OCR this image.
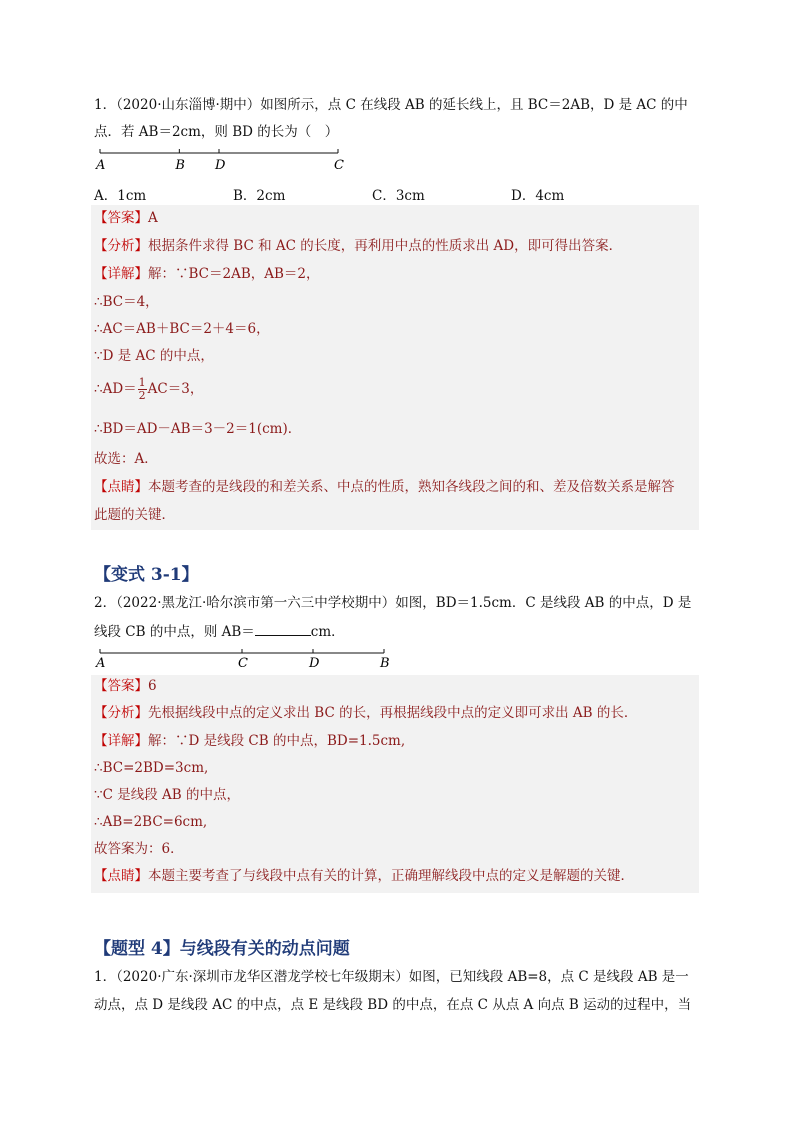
1．（2020·山东淄博·期中）如图所示，点 C 在线段 AB 的延长线上，且 BC＝2AB，D 是 AC 的中
点．若 AB＝2cm，则 BD 的长为（　）
A	B D	C
A．1cm	B．2cm	C．3cm	D．4cm
【答案】A
【分析】根据条件求得 BC 和 AC 的长度，再利用中点的性质求出 AD，即可得出答案．
【详解】解：∵BC＝2AB，AB＝2，
∴BC＝4，
∴AC＝AB＋BC＝2＋4＝6，
∵D 是 AC 的中点，
∴AD＝ $\frac{1}{2} AC=3$，
∴BD＝AD－AB＝3－2＝1(cm)．
故选：A．
【点睛】本题考查的是线段的和差关系、中点的性质，熟知各线段之间的和、差及倍数关系是解答
此题的关键．
【变式 3-1】
2．（2022·黑龙江·哈尔滨市第一六三中学校期中）如图，BD＝1.5cm．C 是线段 AB 的中点，D 是
线段 CB 的中点，则 AB＝	cm．
A	C	D	B
【答案】6
【分析】先根据线段中点的定义求出 BC 的长，再根据线段中点的定义即可求出 AB 的长．
【详解】解：∵D 是线段 CB 的中点，BD=1.5cm,
∴BC=2BD=3cm,
∵C 是线段 AB 的中点，
∴AB=2BC=6cm,
故答案为：6．
【点睛】本题主要考查了与线段中点有关的计算，正确理解线段中点的定义是解题的关键．
【题型 4】与线段有关的动点问题
1．（2020·广东·深圳市龙华区潜龙学校七年级期末）如图，已知线段 AB=8，点 C 是线段 AB 是一
动点，点 D 是线段 AC 的中点，点 E 是线段 BD 的中点，在点 C 从点 A 向点 B 运动的过程中，当
